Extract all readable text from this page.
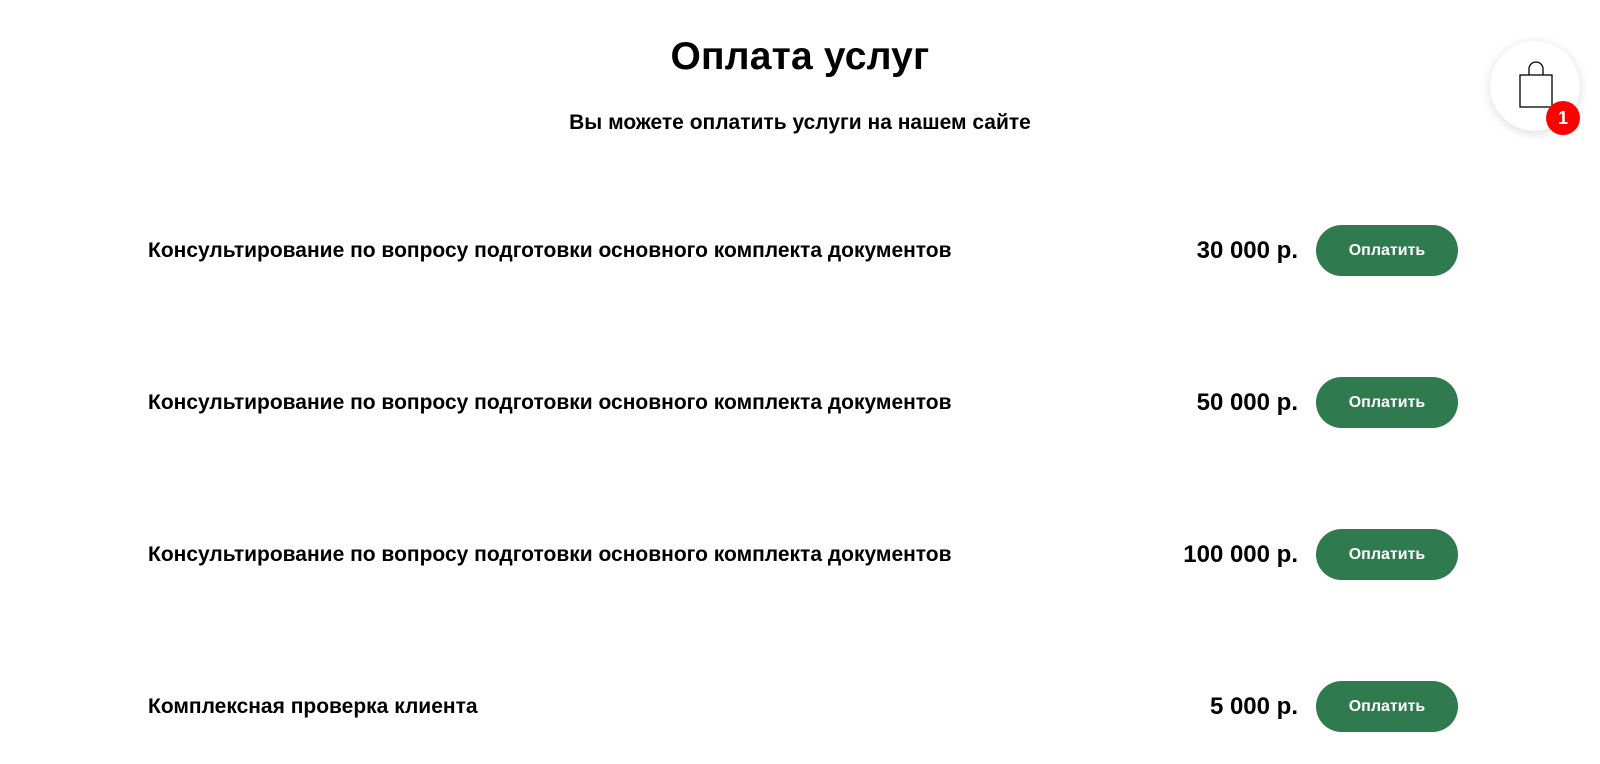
Оплата услуг
Вы можете оплатить услуги на нашем сайте
Консультирование по вопросу подготовки основного комплекта документов	30 000 р.	Оплатить
Консультирование по вопросу подготовки основного комплекта документов	50 000 р.	Оплатить
Консультирование по вопросу подготовки основного комплекта документов	100 000 р.	Оплатить
Комплексная проверка клиента	5 000 р.	Оплатить
1
